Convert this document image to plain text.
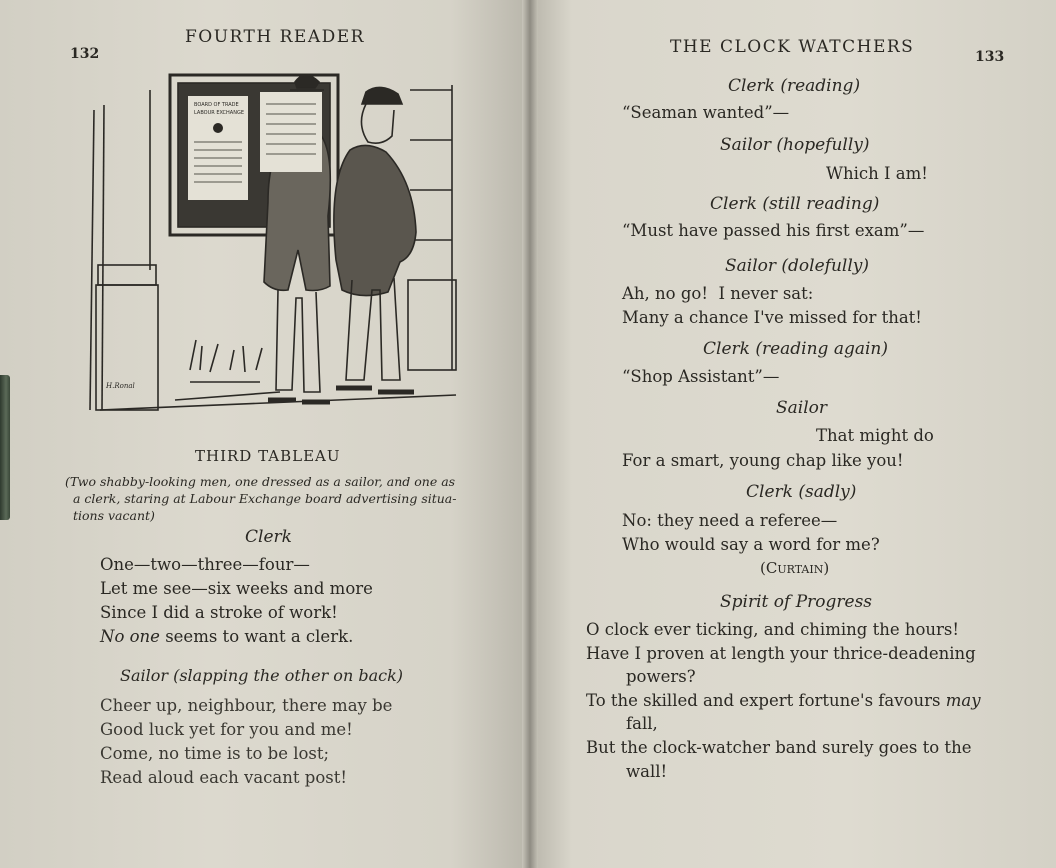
132
FOURTH READER
BOARD OF TRADE
LABOUR EXCHANGE
H.Ronal
THIRD TABLEAU
(Two shabby-looking men, one dressed as a sailor, and one as
a clerk, staring at Labour Exchange board advertising situa-
tions vacant)
Clerk
One—two—three—four—
Let me see—six weeks and more
Since I did a stroke of work!
No one seems to want a clerk.
Sailor (slapping the other on back)
Cheer up, neighbour, there may be
Good luck yet for you and me!
Come, no time is to be lost;
Read aloud each vacant post!
THE CLOCK WATCHERS	133
Clerk (reading)
“Seaman wanted”—
Sailor (hopefully)
Which I am!
Clerk (still reading)
“Must have passed his first exam”—
Sailor (dolefully)
Ah, no go!  I never sat:
Many a chance I've missed for that!
Clerk (reading again)
“Shop Assistant”—
Sailor
That might do
For a smart, young chap like you!
Clerk (sadly)
No: they need a referee—
Who would say a word for me?
(Curtain)
Spirit of Progress
O clock ever ticking, and chiming the hours!
Have I proven at length your thrice-deadening
powers?
To the skilled and expert fortune's favours may
fall,
But the clock-watcher band surely goes to the
wall!
